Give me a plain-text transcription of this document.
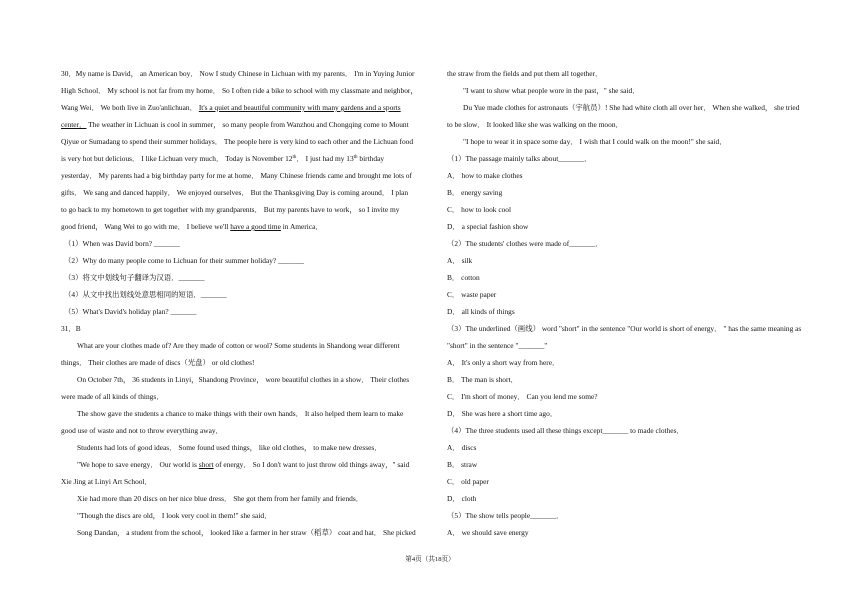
30．My name is David， an American boy． Now I study Chinese in Lichuan with my parents． I'm in Yuying Junior
High School． My school is not far from my home． So I often ride a bike to school with my classmate and neighbor，
Wang Wei． We both live in Zuo'anlichuan． It's a quiet and beautiful community with many gardens and a sports
center． The weather in Lichuan is cool in summer， so many people from Wanzhou and Chongqing come to Mount
Qiyue or Sumadang to spend their summer holidays． The people here is very kind to each other and the Lichuan food
is very hot but delicious． I like Lichuan very much． Today is November 12th． I just had my 13th birthday
yesterday． My parents had a big birthday party for me at home． Many Chinese friends came and brought me lots of
gifts． We sang and danced happily． We enjoyed ourselves． But the Thanksgiving Day is coming around． I plan
to go back to my hometown to get together with my grandparents． But my parents have to work， so I invite my
good friend， Wang Wei to go with me． I believe we'll have a good time in America．
（1）When was David born? _______
（2）Why do many people come to Lichuan for their summer holiday? _______
（3）将文中划线句子翻译为汉语．_______
（4）从文中找出划线处意思相同的短语．_______
（5）What's David's holiday plan? _______
31．B
What are your clothes made of? Are they made of cotton or wool? Some students in Shandong wear different
things． Their clothes are made of discs（光盘） or old clothes!
On October 7th， 36 students in Linyi，Shandong Province， wore beautiful clothes in a show． Their clothes
were made of all kinds of things．
The show gave the students a chance to make things with their own hands． It also helped them learn to make
good use of waste and not to throw everything away．
Students had lots of good ideas． Some found used things， like old clothes， to make new dresses．
"We hope to save energy． Our world is short of energy． So I don't want to just throw old things away，" said
Xie Jing at Linyi Art School．
Xie had more than 20 discs on her nice blue dress． She got them from her family and friends．
"Though the discs are old， I look very cool in them!" she said．
Song Dandan， a student from the school， looked like a farmer in her straw（稻草） coat and hat． She picked
the straw from the fields and put them all together．
"I want to show what people wore in the past，" she said．
Du Yue made clothes for astronauts（宇航员）! She had white cloth all over her． When she walked， she tried
to be slow． It looked like she was walking on the moon．
"I hope to wear it in space some day． I wish that I could walk on the moon!" she said．
（1）The passage mainly talks about_______．
A． how to make clothes
B． energy saving
C． how to look cool
D． a special fashion show
（2）The students' clothes were made of_______．
A． silk
B． cotton
C． waste paper
D． all kinds of things
（3）The underlined（画线） word "short" in the sentence "Our world is short of energy． " has the same meaning as
"short" in the sentence "_______"
A． It's only a short way from here．
B． The man is short．
C． I'm short of money． Can you lend me some?
D． She was here a short time ago．
（4）The three students used all these things except_______ to made clothes．
A． discs
B． straw
C． old paper
D． cloth
（5）The show tells people_______．
A． we should save energy
第4页（共18页）
